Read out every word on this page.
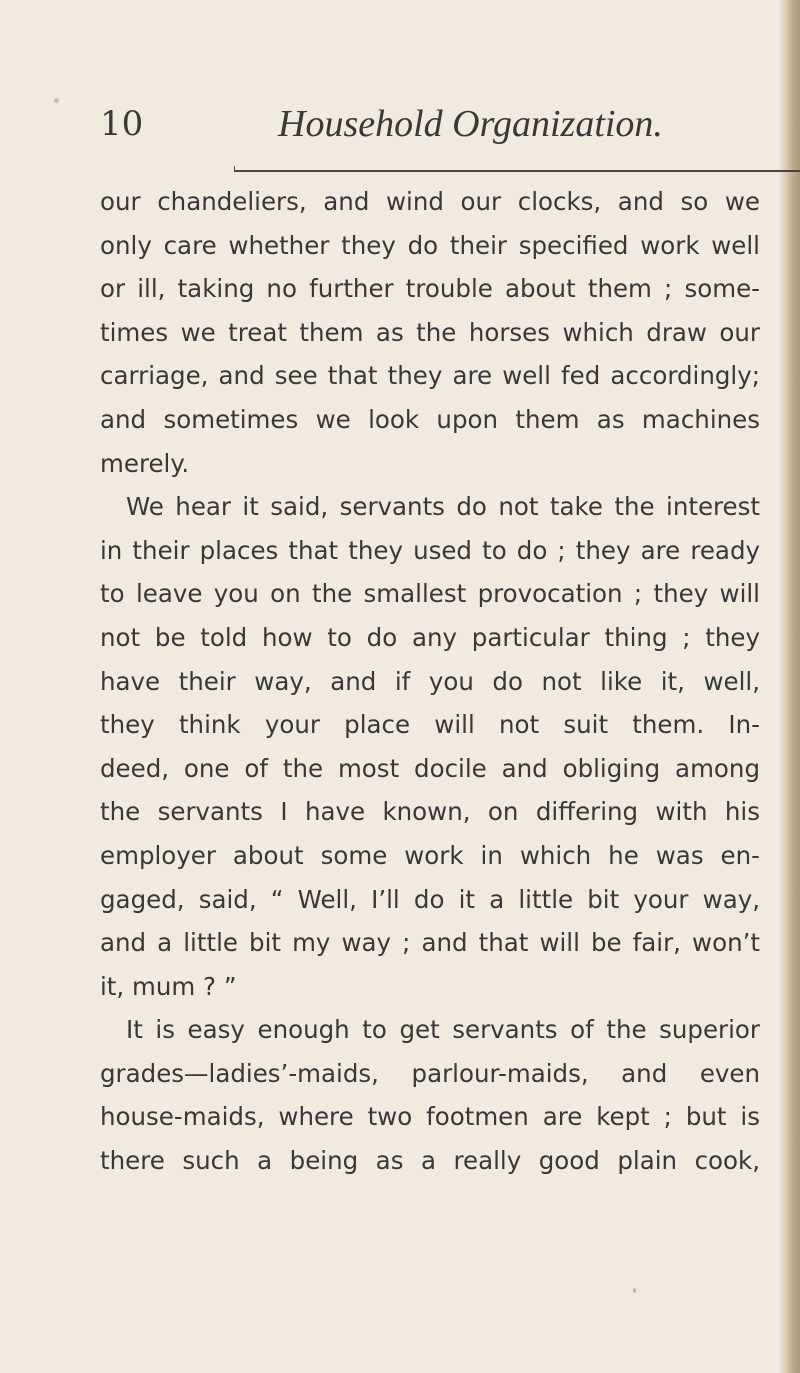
10	Household Organization.
our chandeliers, and wind our clocks, and so we
only care whether they do their specified work well
or ill, taking no further trouble about them ; some-
times we treat them as the horses which draw our
carriage, and see that they are well fed accordingly;
and sometimes we look upon them as machines
merely.
We hear it said, servants do not take the interest
in their places that they used to do ; they are ready
to leave you on the smallest provocation ; they will
not be told how to do any particular thing ; they
have their way, and if you do not like it, well,
they think your place will not suit them. In-
deed, one of the most docile and obliging among
the servants I have known, on differing with his
employer about some work in which he was en-
gaged, said, “ Well, I’ll do it a little bit your way,
and a little bit my way ; and that will be fair, won’t
it, mum ? ”
It is easy enough to get servants of the superior
grades—ladies’-maids, parlour-maids, and even
house-maids, where two footmen are kept ; but is
there such a being as a really good plain cook,
